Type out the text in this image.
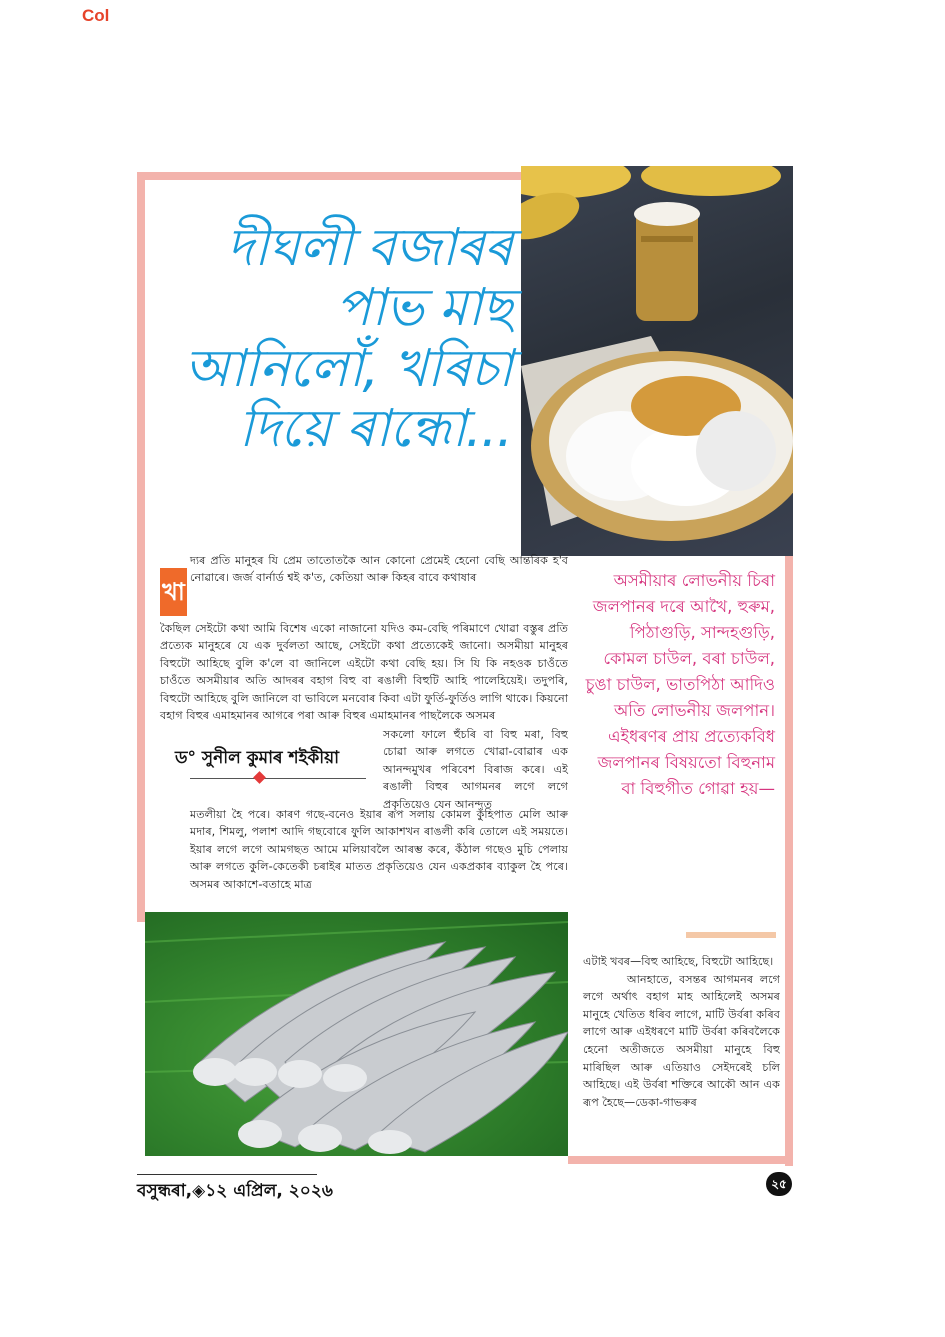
Col
দীঘলী বজাৰৰ
পাভ মাছ
আনিলোঁ, খৰিচা
দিয়ে ৰান্ধো...
খা
দ্যৰ প্ৰতি মানুহৰ যি প্ৰেম তাতোতকৈ আন কোনো প্ৰেমেই হেনো বেছি আন্তৰিক হ'ব নোৱাৰে। জৰ্জ বাৰ্নাৰ্ড শ্বই ক'ত, কেতিয়া আৰু কিহৰ বাবে কথাষাৰ
কৈছিল সেইটো কথা আমি বিশেষ একো নাজানো যদিও কম-বেছি পৰিমাণে খোৱা বস্তুৰ প্ৰতি প্ৰত্যেক মানুহৰে যে এক দুৰ্বলতা আছে, সেইটো কথা প্ৰত্যেকেই জানো। অসমীয়া মানুহৰ বিহুটো আহিছে বুলি ক'লে বা জানিলে এইটো কথা বেছি হয়। সি যি কি নহওক চাওঁতে চাওঁতে অসমীয়াৰ অতি আদৰৰ বহাগ বিহু বা ৰঙালী বিহুটি আহি পালেহিয়েই। তদুপৰি, বিহুটো আহিছে বুলি জানিলে বা ভাবিলে মনবোৰ কিবা এটা ফুৰ্তি-ফুৰ্তিও লাগি থাকে। কিয়নো বহাগ বিহুৰ এমাহমানৰ আগৰে পৰা আৰু বিহুৰ এমাহমানৰ পাছলৈকে অসমৰ
সকলো ফালে হুঁচৰি বা বিহু মৰা, বিহু চোৱা আৰু লগতে খোৱা-বোৱাৰ এক আনন্দমুখৰ পৰিবেশ বিৰাজ কৰে। এই ৰঙালী বিহুৰ আগমনৰ লগে লগে প্ৰকৃতিয়েও যেন আনন্দত
ড° সুনীল কুমাৰ শইকীয়া
মতলীয়া হৈ পৰে। কাৰণ গছে-বনেও ইয়াৰ ৰূপ সলায় কোমল কুঁহিপাত মেলি আৰু মদাৰ, শিমলু, পলাশ আদি গছবোৰে ফুলি আকাশখন ৰাঙলী কৰি তোলে এই সময়তে। ইয়াৰ লগে লগে আমগছত আমে মলিয়াবলৈ আৰম্ভ কৰে, কঁঠাল গছেও মুচি পেলায় আৰু লগতে কুলি-কেতেকী চৰাইৰ মাতত প্ৰকৃতিয়েও যেন একপ্ৰকাৰ ব্যাকুল হৈ পৰে। অসমৰ আকাশে-বতাহে মাত্ৰ
অসমীয়াৰ লোভনীয় চিৰা জলপানৰ দৰে আখৈ, হুৰুম, পিঠাগুড়ি, সান্দহগুড়ি, কোমল চাউল, বৰা চাউল, চুঙা চাউল, ভাতপিঠা আদিও অতি লোভনীয় জলপান। এইধৰণৰ প্ৰায় প্ৰত্যেকবিধ জলপানৰ বিষয়তো বিহুনাম বা বিহুগীত গোৱা হয়—
এটাই খবৰ—বিহু আহিছে, বিহুটো আহিছে।
আনহাতে, বসন্তৰ আগমনৰ লগে লগে অৰ্থাৎ বহাগ মাহ আহিলেই অসমৰ মানুহে খেতিত ধৰিব লাগে, মাটি উৰ্বৰা কৰিব লাগে আৰু এইধৰণে মাটি উৰ্বৰা কৰিবলৈকে হেনো অতীজতে অসমীয়া মানুহে বিহু মাৰিছিল আৰু এতিয়াও সেইদৰেই চলি আহিছে। এই উৰ্বৰা শক্তিৰে আকৌ আন এক ৰূপ হৈছে—ডেকা-গাভৰুৰ
বসুন্ধৰা,◈১২ এপ্ৰিল, ২০২৬	২৫
